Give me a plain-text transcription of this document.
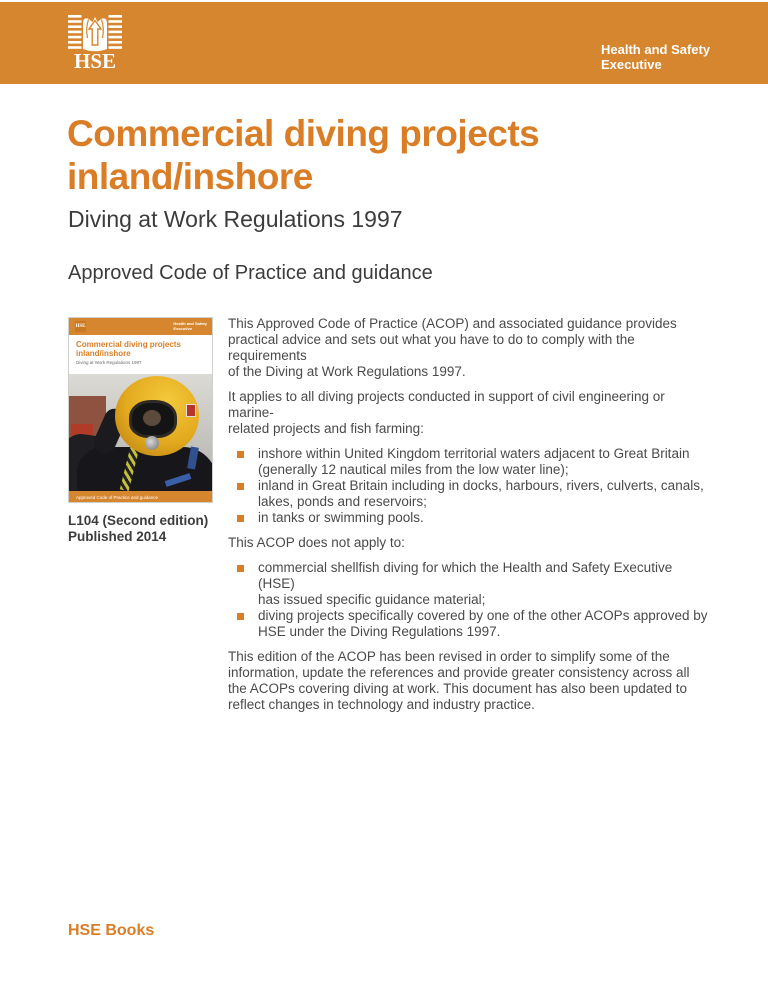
HSE	Health and Safety
Executive
Commercial diving projects
inland/inshore
Diving at Work Regulations 1997
Approved Code of Practice and guidance
HSE
Health and Safety
Executive
Commercial diving projects
inland/inshore
Diving at Work Regulations 1997
Approved Code of Practice and guidance
L104 (Second edition)
Published 2014
This Approved Code of Practice (ACOP) and associated guidance provides
practical advice and sets out what you have to do to comply with the requirements
of the Diving at Work Regulations 1997.
It applies to all diving projects conducted in support of civil engineering or marine-
related projects and fish farming:
inshore within United Kingdom territorial waters adjacent to Great Britain
(generally 12 nautical miles from the low water line);
inland in Great Britain including in docks, harbours, rivers, culverts, canals,
lakes, ponds and reservoirs;
in tanks or swimming pools.
This ACOP does not apply to:
commercial shellfish diving for which the Health and Safety Executive (HSE)
has issued specific guidance material;
diving projects specifically covered by one of the other ACOPs approved by
HSE under the Diving Regulations 1997.
This edition of the ACOP has been revised in order to simplify some of the
information, update the references and provide greater consistency across all
the ACOPs covering diving at work. This document has also been updated to
reflect changes in technology and industry practice.
HSE Books
